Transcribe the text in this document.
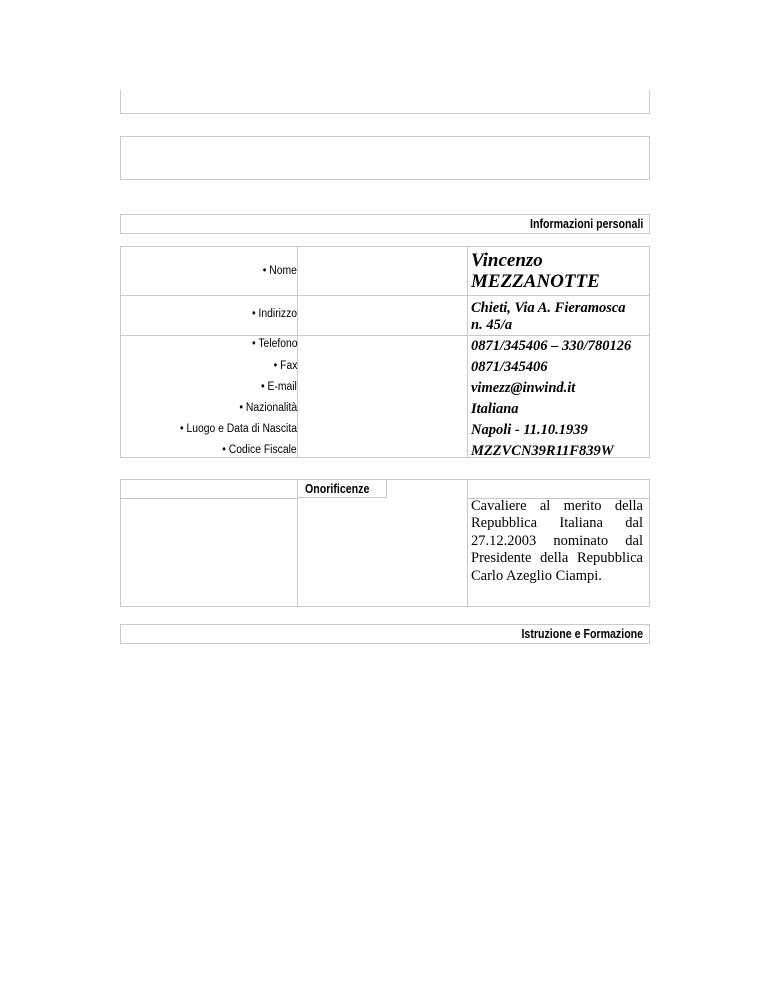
Informazioni personali
• Nome
• Indirizzo
• Telefono
• Fax
• E-mail
• Nazionalità
• Luogo e Data di Nascita
• Codice Fiscale
Vincenzo
MEZZANOTTE
Chieti, Via A. Fieramosca
n. 45/a
0871/345406 – 330/780126
0871/345406
vimezz@inwind.it
Italiana
Napoli - 11.10.1939
MZZVCN39R11F839W
Cavaliere al merito della Repubblica Italiana dal 27.12.2003 nominato dal Presidente della Repubblica Carlo Azeglio Ciampi.
Onorificenze
Istruzione e Formazione
